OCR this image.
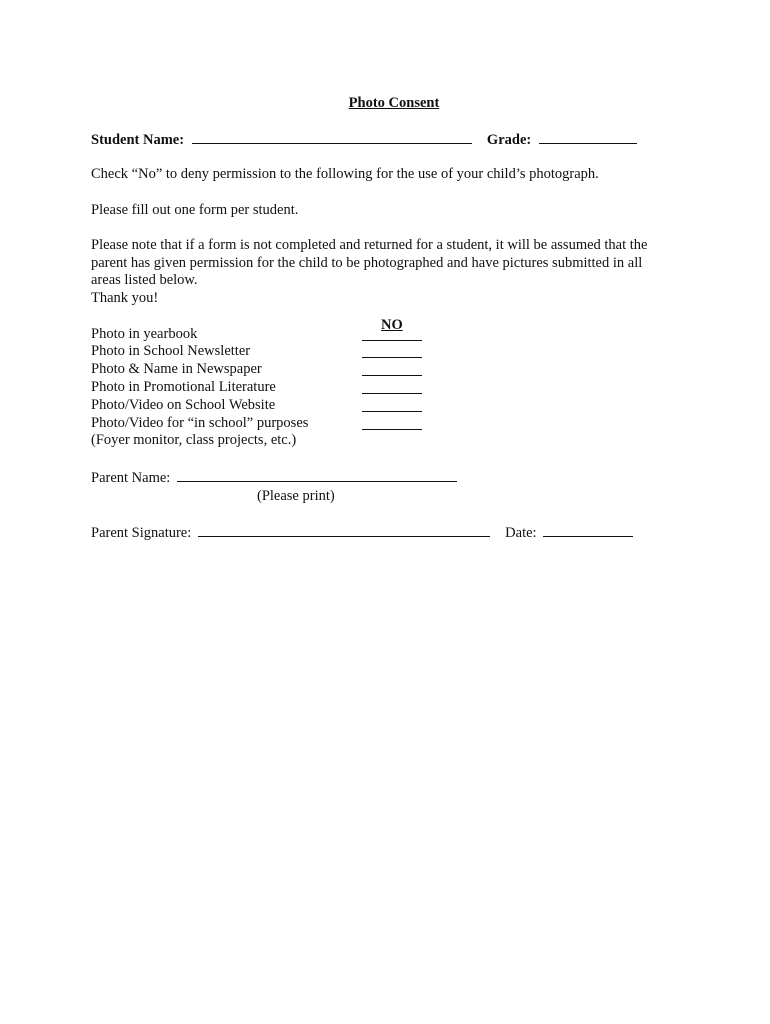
Photo Consent
Student Name:	Grade:

Check “No” to deny permission to the following for the use of your child’s photograph.

Please fill out one form per student.

Please note that if a form is not completed and returned for a student, it will be assumed that the
parent has given permission for the child to be photographed and have pictures submitted in all
areas listed below.
Thank you!
NO
Photo in yearbook
Photo in School Newsletter
Photo & Name in Newspaper
Photo in Promotional Literature
Photo/Video on School Website
Photo/Video for “in school” purposes
(Foyer monitor, class projects, etc.)
Parent Name:
(Please print)
Parent Signature:	Date:
